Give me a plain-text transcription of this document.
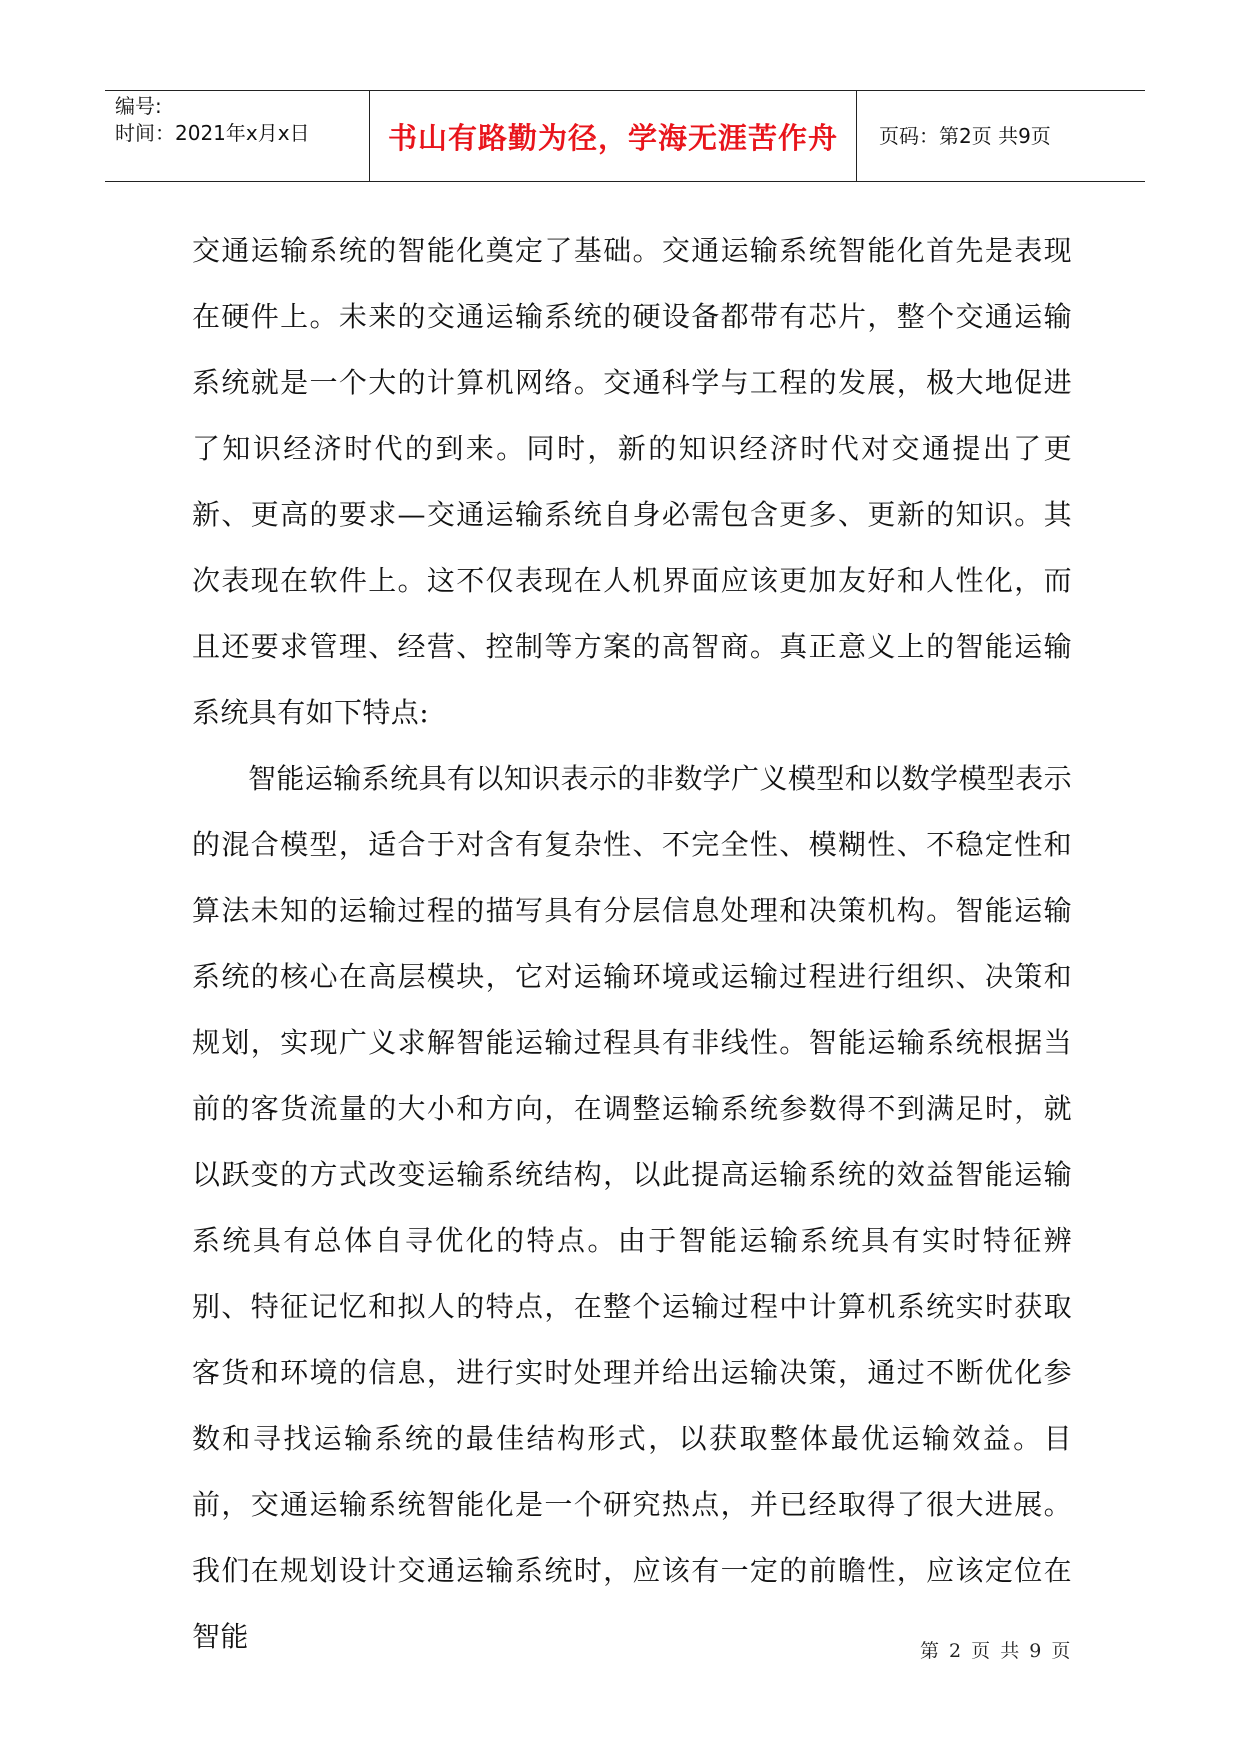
编号:
时间：2021年x月x日	书山有路勤为径，学海无涯苦作舟 页码：第2页 共9页

交通运输系统的智能化奠定了基础。交通运输系统智能化首先是表现在硬件上。未来的交通运输系统的硬设备都带有芯片，整个交通运输系统就是一个大的计算机网络。交通科学与工程的发展，极大地促进了知识经济时代的到来。同时，新的知识经济时代对交通提出了更新、更高的要求—交通运输系统自身必需包含更多、更新的知识。其次表现在软件上。这不仅表现在人机界面应该更加友好和人性化，而且还要求管理、经营、控制等方案的高智商。真正意义上的智能运输系统具有如下特点:

智能运输系统具有以知识表示的非数学广义模型和以数学模型表示的混合模型，适合于对含有复杂性、不完全性、模糊性、不稳定性和算法未知的运输过程的描写具有分层信息处理和决策机构。智能运输系统的核心在高层模块，它对运输环境或运输过程进行组织、决策和规划，实现广义求解智能运输过程具有非线性。智能运输系统根据当前的客货流量的大小和方向，在调整运输系统参数得不到满足时，就以跃变的方式改变运输系统结构，以此提高运输系统的效益智能运输系统具有总体自寻优化的特点。由于智能运输系统具有实时特征辨别、特征记忆和拟人的特点，在整个运输过程中计算机系统实时获取客货和环境的信息，进行实时处理并给出运输决策，通过不断优化参数和寻找运输系统的最佳结构形式，以获取整体最优运输效益。目前，交通运输系统智能化是一个研究热点，并已经取得了很大进展。我们在规划设计交通运输系统时，应该有一定的前瞻性，应该定位在智能	第 2 页 共 9 页
